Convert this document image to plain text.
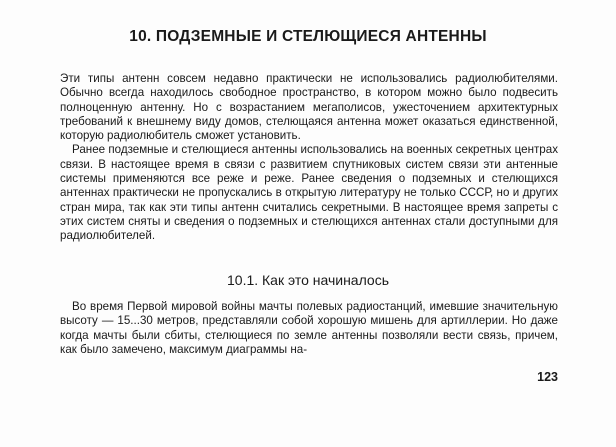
10. ПОДЗЕМНЫЕ И СТЕЛЮЩИЕСЯ АНТЕННЫ

Эти типы антенн совсем недавно практически не использовались радиолюбителями. Обычно всегда находилось свободное пространство, в котором можно было подвесить полноценную антенну. Но с возрастанием мегаполисов, ужесточением архитектурных требований к внешнему виду домов, стелющаяся антенна может оказаться единственной, которую радиолюбитель сможет установить.

Ранее подземные и стелющиеся антенны использовались на военных секретных центрах связи. В настоящее время в связи с развитием спутниковых систем связи эти антенные системы применяются все реже и реже. Ранее сведения о подземных и стелющихся антеннах практически не пропускались в открытую литературу не только СССР, но и других стран мира, так как эти типы антенн считались секретными. В настоящее время запреты с этих систем сняты и сведения о подземных и стелющихся антеннах стали доступными для радиолюбителей.

10.1. Как это начиналось

Во время Первой мировой войны мачты полевых радиостанций, имевшие значительную высоту — 15...30 метров, представляли собой хорошую мишень для артиллерии. Но даже когда мачты были сбиты, стелющиеся по земле антенны позволяли вести связь, причем, как было замечено, максимум диаграммы на-

123
